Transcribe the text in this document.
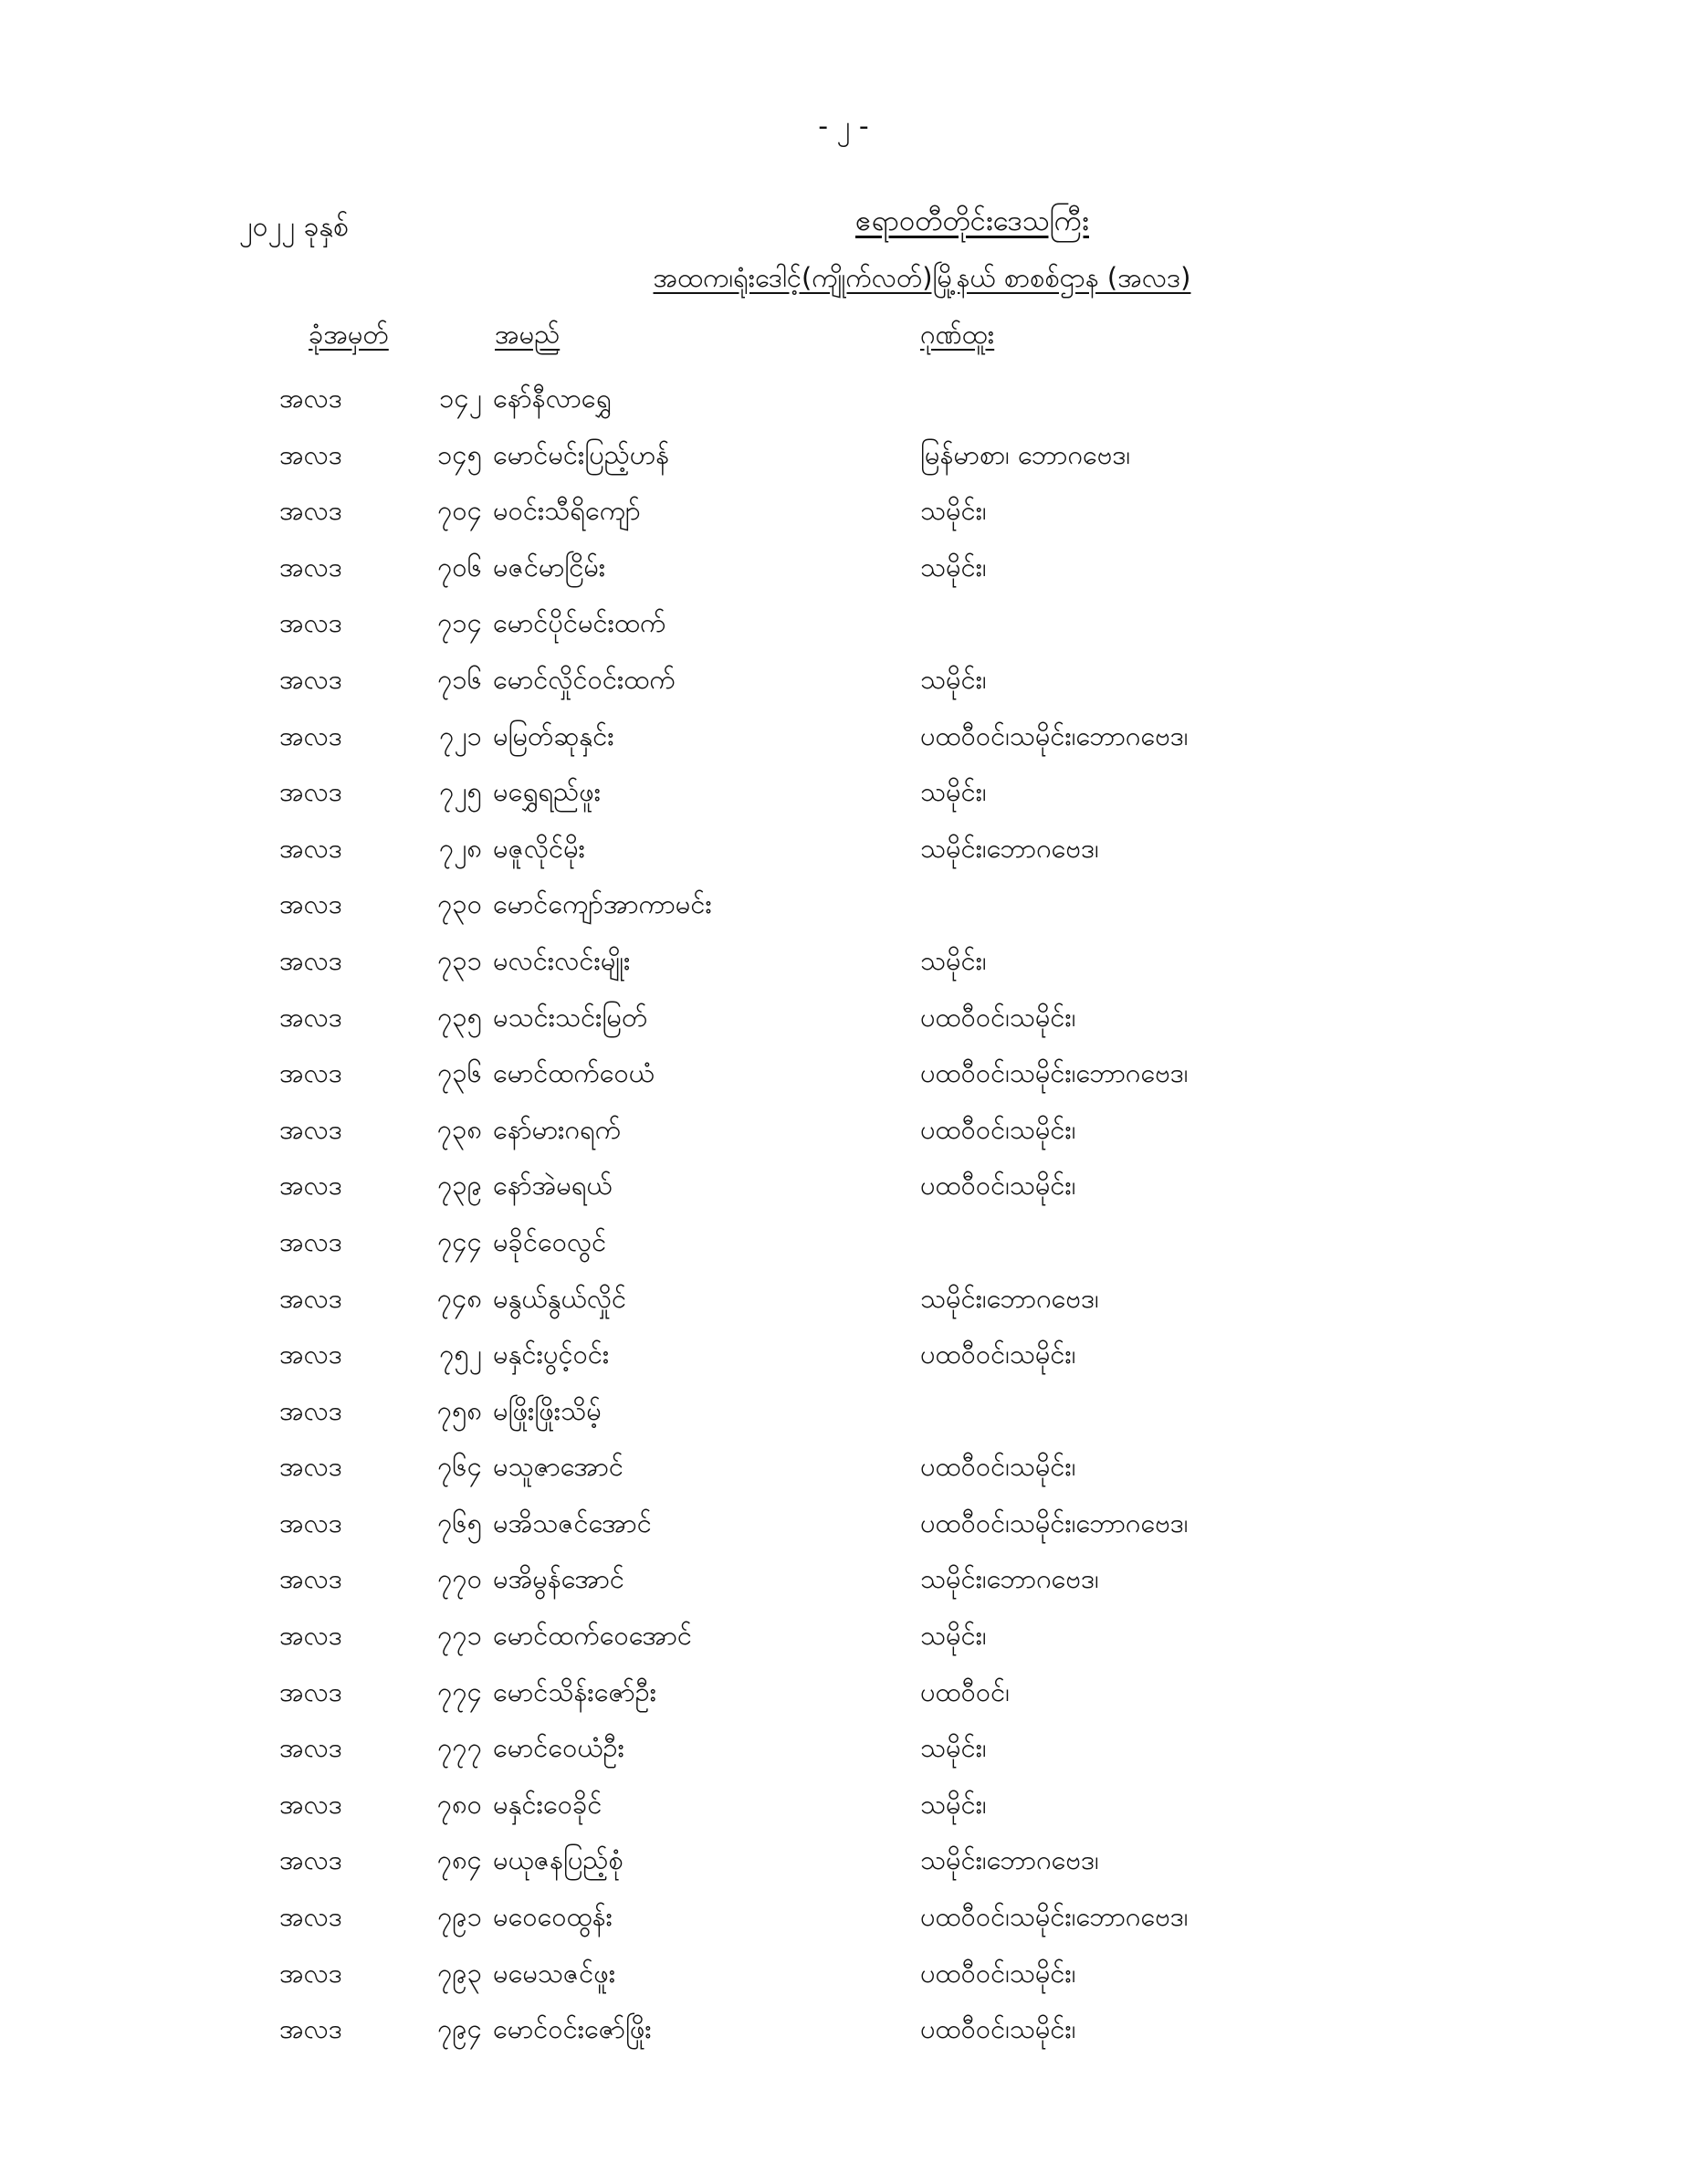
- ၂ -
၂၀၂၂ ခုနှစ်	ဧရာဝတီတိုင်းဒေသကြီး
အထက၊ရုံးဒေါင့်(ကျိုက်လတ်)မြို့နယ် စာစစ်ဌာန (အလဒ)
ခုံအမှတ်	အမည်	ဂုဏ်ထူး
အလဒ	၁၄၂ နော်နီလာရွှေ
အလဒ	၁၄၅ မောင်မင်းပြည့်ဟန်	မြန်မာစာ၊ ဘောဂဗေဒ၊
အလဒ	၇၀၄ မဝင်းသီရိကျော်	သမိုင်း၊
အလဒ	၇၀၆ မဇင်မာငြိမ်း	သမိုင်း၊
အလဒ	၇၁၄ မောင်ပိုင်မင်းထက်
အလဒ	၇၁၆ မောင်လှိုင်ဝင်းထက်	သမိုင်း၊
အလဒ	၇၂၁ မမြတ်ဆုနှင်း	ပထဝီဝင်၊သမိုင်း၊ဘောဂဗေဒ၊
အလဒ	၇၂၅ မရွှေရည်ဖူး	သမိုင်း၊
အလဒ	၇၂၈ မဇူလိုင်မိုး	သမိုင်း၊ဘောဂဗေဒ၊
အလဒ	၇၃၀ မောင်ကျော်အာကာမင်း
အလဒ	၇၃၁ မလင်းလင်းမျိုး	သမိုင်း၊
အလဒ	၇၃၅ မသင်းသင်းမြတ်	ပထဝီဝင်၊သမိုင်း၊
အလဒ	၇၃၆ မောင်ထက်ဝေယံ	ပထဝီဝင်၊သမိုင်း၊ဘောဂဗေဒ၊
အလဒ	၇၃၈ နော်မားဂရက်	ပထဝီဝင်၊သမိုင်း၊
အလဒ	၇၃၉ နော်အဲမရယ်	ပထဝီဝင်၊သမိုင်း၊
အလဒ	၇၄၄ မခိုင်ဝေလွင်
အလဒ	၇၄၈ မနွယ်နွယ်လှိုင်	သမိုင်း၊ဘောဂဗေဒ၊
အလဒ	၇၅၂ မနှင်းပွင့်ဝင်း	ပထဝီဝင်၊သမိုင်း၊
အလဒ	၇၅၈ မဖြိုးဖြိုးသိမ့်
အလဒ	၇၆၄ မသူဇာအောင်	ပထဝီဝင်၊သမိုင်း၊
အလဒ	၇၆၅ မအိသဇင်အောင်	ပထဝီဝင်၊သမိုင်း၊ဘောဂဗေဒ၊
အလဒ	၇၇၀ မအိမွန်အောင်	သမိုင်း၊ဘောဂဗေဒ၊
အလဒ	၇၇၁ မောင်ထက်ဝေအောင်	သမိုင်း၊
အလဒ	၇၇၄ မောင်သိန်းဇော်ဦး	ပထဝီဝင်၊
အလဒ	၇၇၇ မောင်ဝေယံဦး	သမိုင်း၊
အလဒ	၇၈၀ မနှင်းဝေခိုင်	သမိုင်း၊
အလဒ	၇၈၄ မယုဇနပြည့်စုံ	သမိုင်း၊ဘောဂဗေဒ၊
အလဒ	၇၉၁ မဝေဝေထွန်း	ပထဝီဝင်၊သမိုင်း၊ဘောဂဗေဒ၊
အလဒ	၇၉၃ မမေသဇင်ဖူး	ပထဝီဝင်၊သမိုင်း၊
အလဒ	၇၉၄ မောင်ဝင်းဇော်ဖြိုး	ပထဝီဝင်၊သမိုင်း၊
